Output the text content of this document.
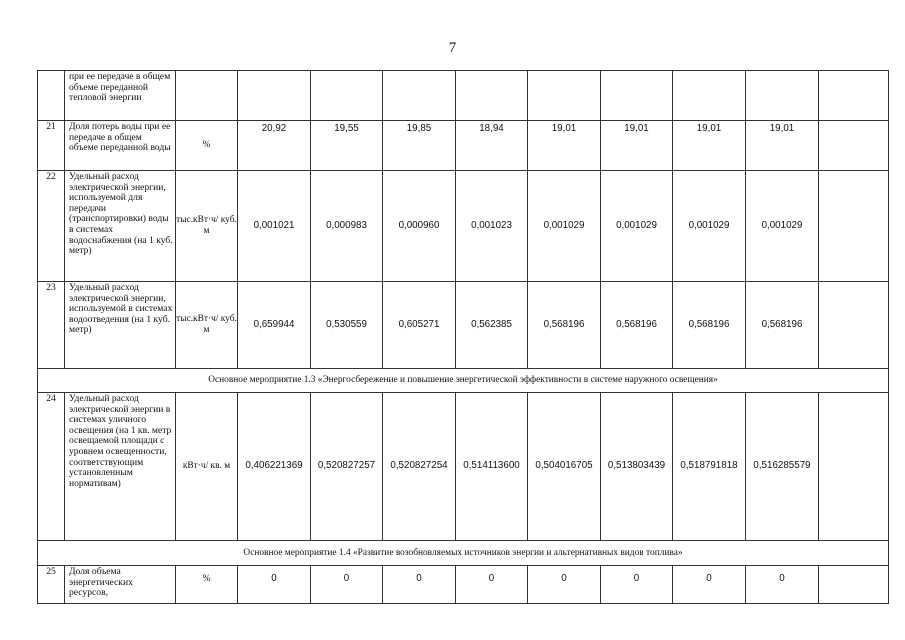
7
	при ее передаче в общем объеме переданной тепловой энергии										
21	Доля потерь воды при ее передаче в общем объеме переданной воды	%	20,92	19,55	19,85	18,94	19,01	19,01	19,01	19,01	
22	Удельный расход электрической энергии, используемой для передачи (транспортировки) воды в системах водоснабжения (на 1 куб. метр)	тыс.кВт·ч/ куб. м	0,001021	0,000983	0,000960	0,001023	0,001029	0,001029	0,001029	0,001029	
23	Удельный расход электрической энергии, используемой в системах водоотведения (на 1 куб. метр)	тыс.кВт·ч/ куб. м	0,659944	0,530559	0,605271	0,562385	0,568196	0,568196	0,568196	0,568196	
Основное мероприятие 1.3 «Энергосбережение и повышение энергетической эффективности в системе наружного освещения»											
24	Удельный расход электрической энергии в системах уличного освещения (на 1 кв. метр освещаемой площади с уровнем освещенности, соответствующим установленным нормативам)	кВт·ч/ кв. м	0,406221369	0,520827257	0,520827254	0,514113600	0,504016705	0,513803439	0,518791818	0,516285579	
Основное мероприятие 1.4 «Развитие возобновляемых источников энергии и альтернативных видов топлива»											
25	Доля объема энергетических ресурсов,	%	0	0	0	0	0	0	0	0	
